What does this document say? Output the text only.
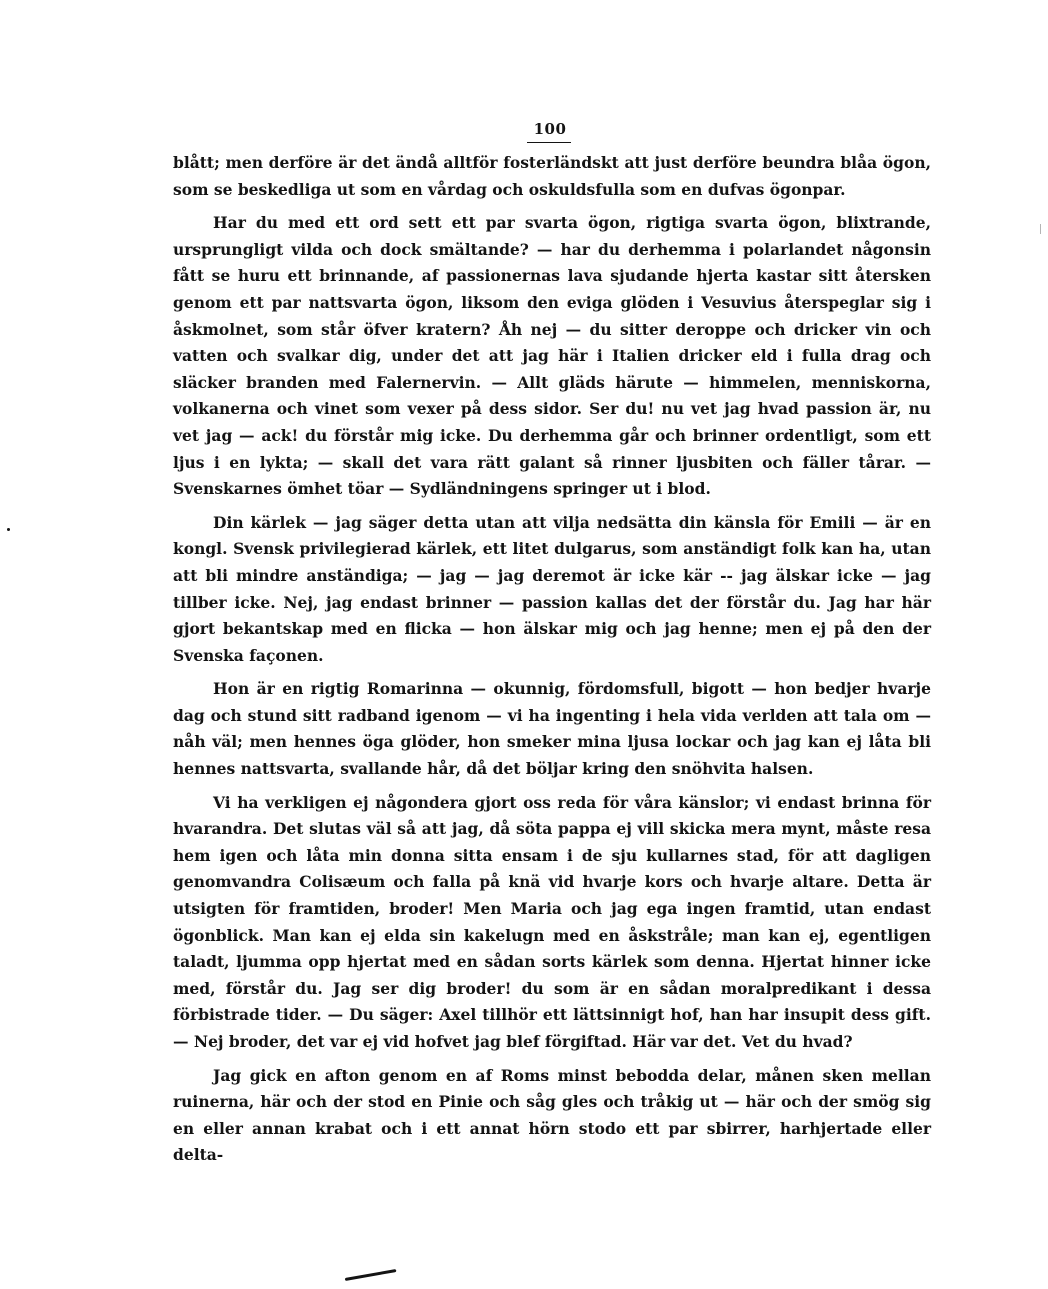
100

blått; men derföre är det ändå alltför fosterländskt att just derföre beundra blåa ögon, som se beskedliga ut som en vårdag och oskuldsfulla som en dufvas ögonpar.

Har du med ett ord sett ett par svarta ögon, rigtiga svarta ögon, blixtrande, ursprungligt vilda och dock smältande? — har du derhemma i polarlandet någonsin fått se huru ett brinnande, af passionernas lava sjudande hjerta kastar sitt återsken genom ett par nattsvarta ögon, liksom den eviga glöden i Vesuvius återspeglar sig i åskmolnet, som står öfver kratern? Åh nej — du sitter deroppe och dricker vin och vatten och svalkar dig, under det att jag här i Italien dricker eld i fulla drag och släcker branden med Falernervin. — Allt gläds härute — himmelen, menniskorna, volkanerna och vinet som vexer på dess sidor. Ser du! nu vet jag hvad passion är, nu vet jag — ack! du förstår mig icke. Du derhemma går och brinner ordentligt, som ett ljus i en lykta; — skall det vara rätt galant så rinner ljusbiten och fäller tårar. — Svenskarnes ömhet töar — Sydländningens springer ut i blod.

Din kärlek — jag säger detta utan att vilja nedsätta din känsla för Emili — är en kongl. Svensk privilegierad kärlek, ett litet dulgarus, som anständigt folk kan ha, utan att bli mindre anständiga; — jag — jag deremot är icke kär -- jag älskar icke — jag tillber icke. Nej, jag endast brinner — passion kallas det der förstår du. Jag har här gjort bekantskap med en flicka — hon älskar mig och jag henne; men ej på den der Svenska façonen.

Hon är en rigtig Romarinna — okunnig, fördomsfull, bigott — hon bedjer hvarje dag och stund sitt radband igenom — vi ha ingenting i hela vida verlden att tala om — nåh väl; men hennes öga glöder, hon smeker mina ljusa lockar och jag kan ej låta bli hennes nattsvarta, svallande hår, då det böljar kring den snöhvita halsen.

Vi ha verkligen ej någondera gjort oss reda för våra känslor; vi endast brinna för hvarandra. Det slutas väl så att jag, då söta pappa ej vill skicka mera mynt, måste resa hem igen och låta min donna sitta ensam i de sju kullarnes stad, för att dagligen genomvandra Colisæum och falla på knä vid hvarje kors och hvarje altare. Detta är utsigten för framtiden, broder! Men Maria och jag ega ingen framtid, utan endast ögonblick. Man kan ej elda sin kakelugn med en åskstråle; man kan ej, egentligen taladt, ljumma opp hjertat med en sådan sorts kärlek som denna. Hjertat hinner icke med, förstår du. Jag ser dig broder! du som är en sådan moralpredikant i dessa förbistrade tider. — Du säger: Axel tillhör ett lättsinnigt hof, han har insupit dess gift. — Nej broder, det var ej vid hofvet jag blef förgiftad. Här var det. Vet du hvad?

Jag gick en afton genom en af Roms minst bebodda delar, månen sken mellan ruinerna, här och der stod en Pinie och såg gles och tråkig ut — här och der smög sig en eller annan krabat och i ett annat hörn stodo ett par sbirrer, harhjertade eller delta-
